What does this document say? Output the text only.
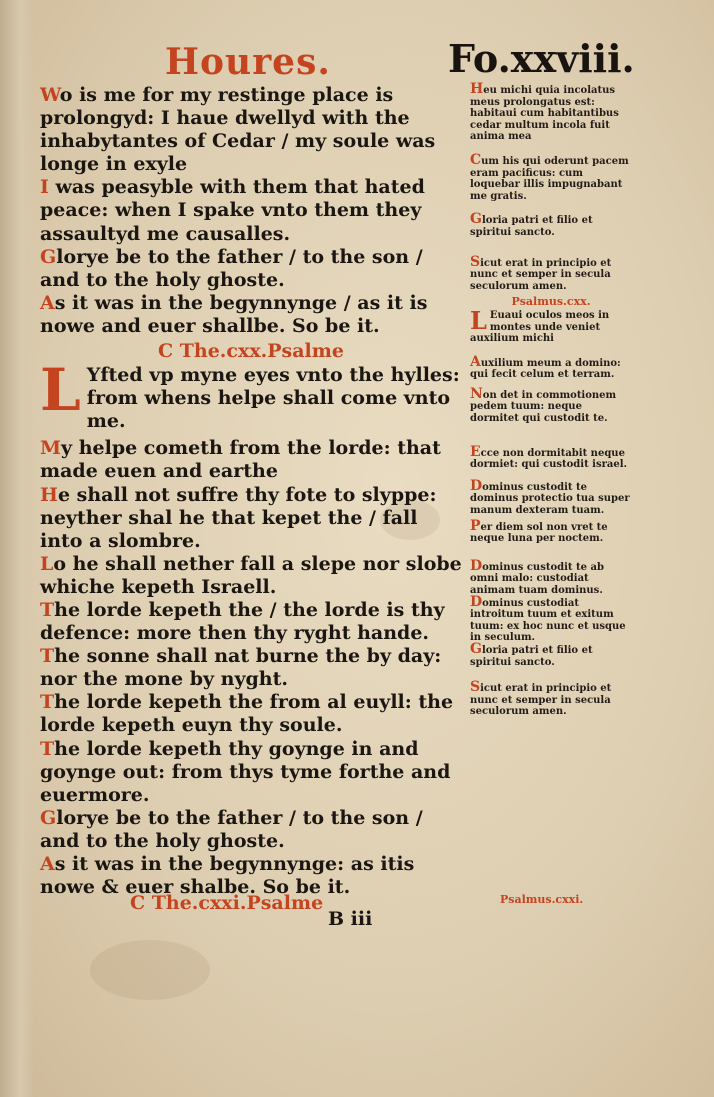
Houres.	Fo.xxviii.

Wo is me for my restinge place is prolongyd: I haue dwellyd with the inhabytantes of Cedar / my soule was longe in exyle

I was peasyble with them that hated peace: when I spake vnto them they assaultyd me causalles.

Glorye be to the father / to the son / and to the holy ghoste.

As it was in the begynnynge / as it is nowe and euer shallbe. So be it.

C The.cxx.Psalme

L Yfted vp myne eyes vnto the hylles: from whens helpe shall come vnto me.

My helpe cometh from the lorde: that made euen and earthe

He shall not suffre thy fote to slyppe: neyther shal he that kepet the / fall into a slombre.

Lo he shall nether fall a slepe nor slobe whiche kepeth Israell.

The lorde kepeth the / the lorde is thy defence: more then thy ryght hande.

The sonne shall nat burne the by day: nor the mone by nyght.

The lorde kepeth the from al euyll: the lorde kepeth euyn thy soule.

The lorde kepeth thy goynge in and goynge out: from thys tyme forthe and euermore.

Glorye be to the father / to the son / and to the holy ghoste.

As it was in the begynnynge: as itis nowe & euer shalbe. So be it.

C The.cxxi.Psalme
B iii

Heu michi quia incolatus meus prolongatus est: habitaui cum habitantibus cedar multum incola fuit anima mea

Cum his qui oderunt pacem eram pacificus: cum loquebar illis impugnabant me gratis.

Gloria patri et filio et spiritui sancto.

Sicut erat in principio et nunc et semper in secula seculorum amen.

Psalmus.cxx.

L Euaui oculos meos in montes unde veniet auxilium michi

Auxilium meum a domino: qui fecit celum et terram.

Non det in commotionem pedem tuum: neque dormitet qui custodit te.

Ecce non dormitabit neque dormiet: qui custodit israel.

Dominus custodit te dominus protectio tua super manum dexteram tuam.

Per diem sol non vret te neque luna per noctem.

Dominus custodit te ab omni malo: custodiat animam tuam dominus.

Dominus custodiat introitum tuum et exitum tuum: ex hoc nunc et usque in seculum.

Gloria patri et filio et spiritui sancto.

Sicut erat in principio et nunc et semper in secula seculorum amen.

Psalmus.cxxi.
